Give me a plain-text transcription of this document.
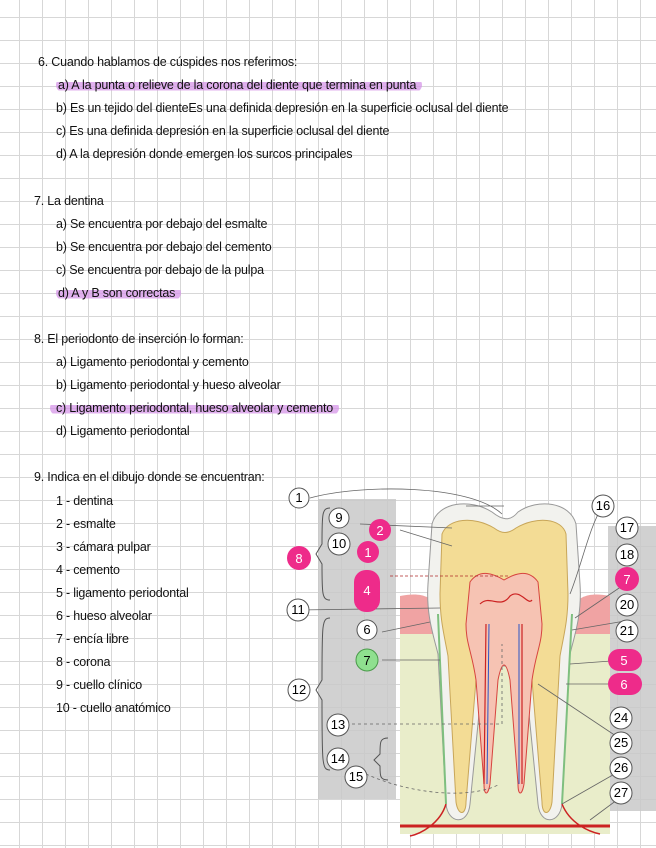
6. Cuando hablamos de cúspides nos referimos:
a) A la punta o relieve de la corona del diente que termina en punta
b) Es un tejido del dienteEs una definida depresión en la superficie oclusal del diente
c) Es una definida depresión en la superficie oclusal del diente
d) A la depresión donde emergen los surcos principales
7. La dentina
a) Se encuentra por debajo del esmalte
b) Se encuentra por debajo del cemento
c) Se encuentra por debajo de la pulpa
d) A y B son correctas
8. El periodonto de inserción lo forman:
a) Ligamento periodontal y cemento
b) Ligamento periodontal y hueso alveolar
c) Ligamento periodontal, hueso alveolar y cemento
d) Ligamento periodontal
9. Indica en el dibujo donde se encuentran:
1 - dentina
2 - esmalte
3 - cámara pulpar
4 - cemento
5 - ligamento periodontal
6 - hueso alveolar
7 - encía libre
8 - corona
9 - cuello clínico
10 - cuello anatómico
1
9
10
11
6
12
13
14
15
16
17
18
20
21
24
25
26
27
2
1
8
4
7
7
5
6
